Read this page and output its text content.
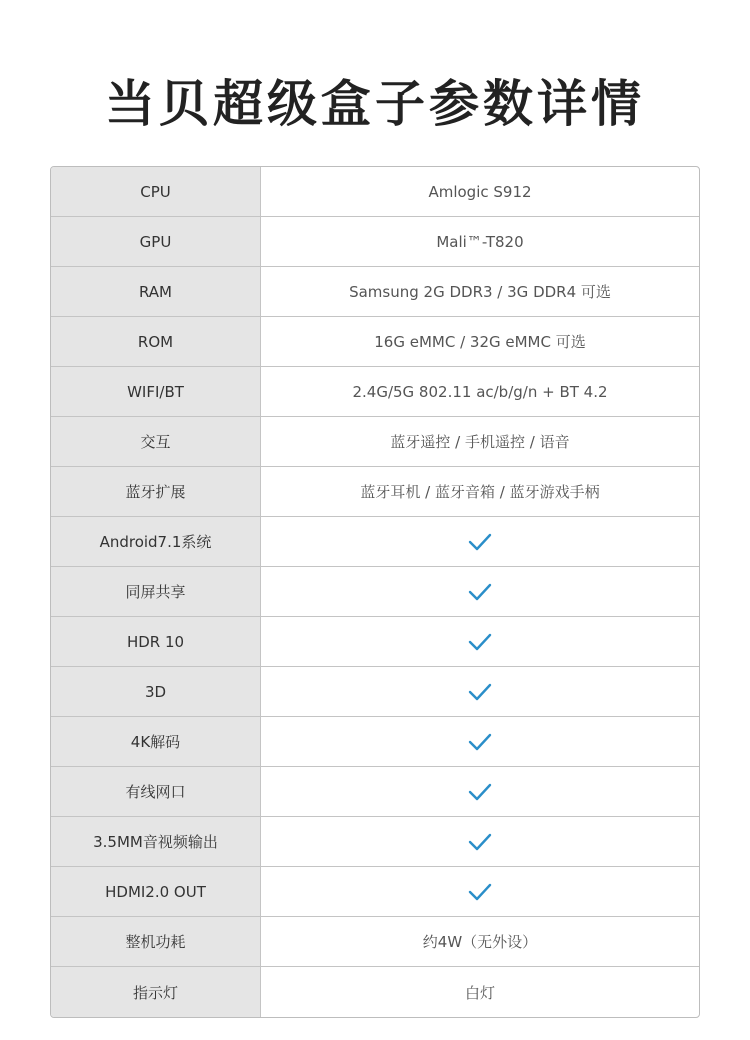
当贝超级盒子参数详情
CPU	Amlogic S912
GPU	Mali™-T820
RAM	Samsung 2G DDR3 / 3G DDR4 可选
ROM	16G eMMC / 32G eMMC 可选
WIFI/BT	2.4G/5G 802.11 ac/b/g/n + BT 4.2
交互	蓝牙遥控 / 手机遥控 / 语音
蓝牙扩展	蓝牙耳机 / 蓝牙音箱 / 蓝牙游戏手柄
Android7.1系统
同屏共享
HDR 10
3D
4K解码
有线网口
3.5MM音视频输出
HDMI2.0 OUT
整机功耗	约4W（无外设）
指示灯	白灯
